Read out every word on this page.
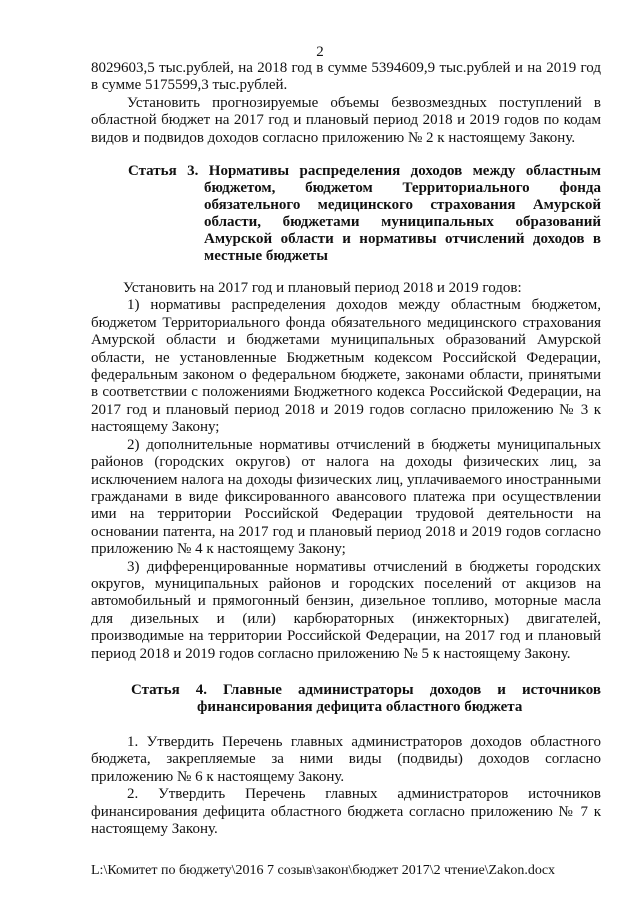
2

8029603,5 тыс.рублей, на 2018 год в сумме 5394609,9 тыс.рублей и на 2019 год в сумме 5175599,3 тыс.рублей.

Установить прогнозируемые объемы безвозмездных поступлений в областной бюджет на 2017 год и плановый период 2018 и 2019 годов по кодам видов и подвидов доходов согласно приложению № 2 к настоящему Закону.

Статья 3. Нормативы распределения доходов между областным бюджетом, бюджетом Территориального фонда обязательного медицинского страхования Амурской области, бюджетами муниципальных образований Амурской области и нормативы отчислений доходов в местные бюджеты

Установить на 2017 год и плановый период 2018 и 2019 годов:

1) нормативы распределения доходов между областным бюджетом, бюджетом Территориального фонда обязательного медицинского страхования Амурской области и бюджетами муниципальных образований Амурской области, не установленные Бюджетным кодексом Российской Федерации, федеральным законом о федеральном бюджете, законами области, принятыми в соответствии с положениями Бюджетного кодекса Российской Федерации, на 2017 год и плановый период 2018 и 2019 годов согласно приложению № 3 к настоящему Закону;

2) дополнительные нормативы отчислений в бюджеты муниципальных районов (городских округов) от налога на доходы физических лиц, за исключением налога на доходы физических лиц, уплачиваемого иностранными гражданами в виде фиксированного авансового платежа при осуществлении ими на территории Российской Федерации трудовой деятельности на основании патента, на 2017 год и плановый период 2018 и 2019 годов согласно приложению № 4 к настоящему Закону;

3) дифференцированные нормативы отчислений в бюджеты городских округов, муниципальных районов и городских поселений от акцизов на автомобильный и прямогонный бензин, дизельное топливо, моторные масла для дизельных и (или) карбюраторных (инжекторных) двигателей, производимые на территории Российской Федерации, на 2017 год и плановый период 2018 и 2019 годов согласно приложению № 5 к настоящему Закону.

Статья 4. Главные администраторы доходов и источников финансирования дефицита областного бюджета

1. Утвердить Перечень главных администраторов доходов областного бюджета, закрепляемые за ними виды (подвиды) доходов согласно приложению № 6 к настоящему Закону.

2. Утвердить Перечень главных администраторов источников финансирования дефицита областного бюджета согласно приложению № 7 к настоящему Закону.

L:\Комитет по бюджету\2016 7 созыв\закон\бюджет 2017\2 чтение\Zakon.docx
